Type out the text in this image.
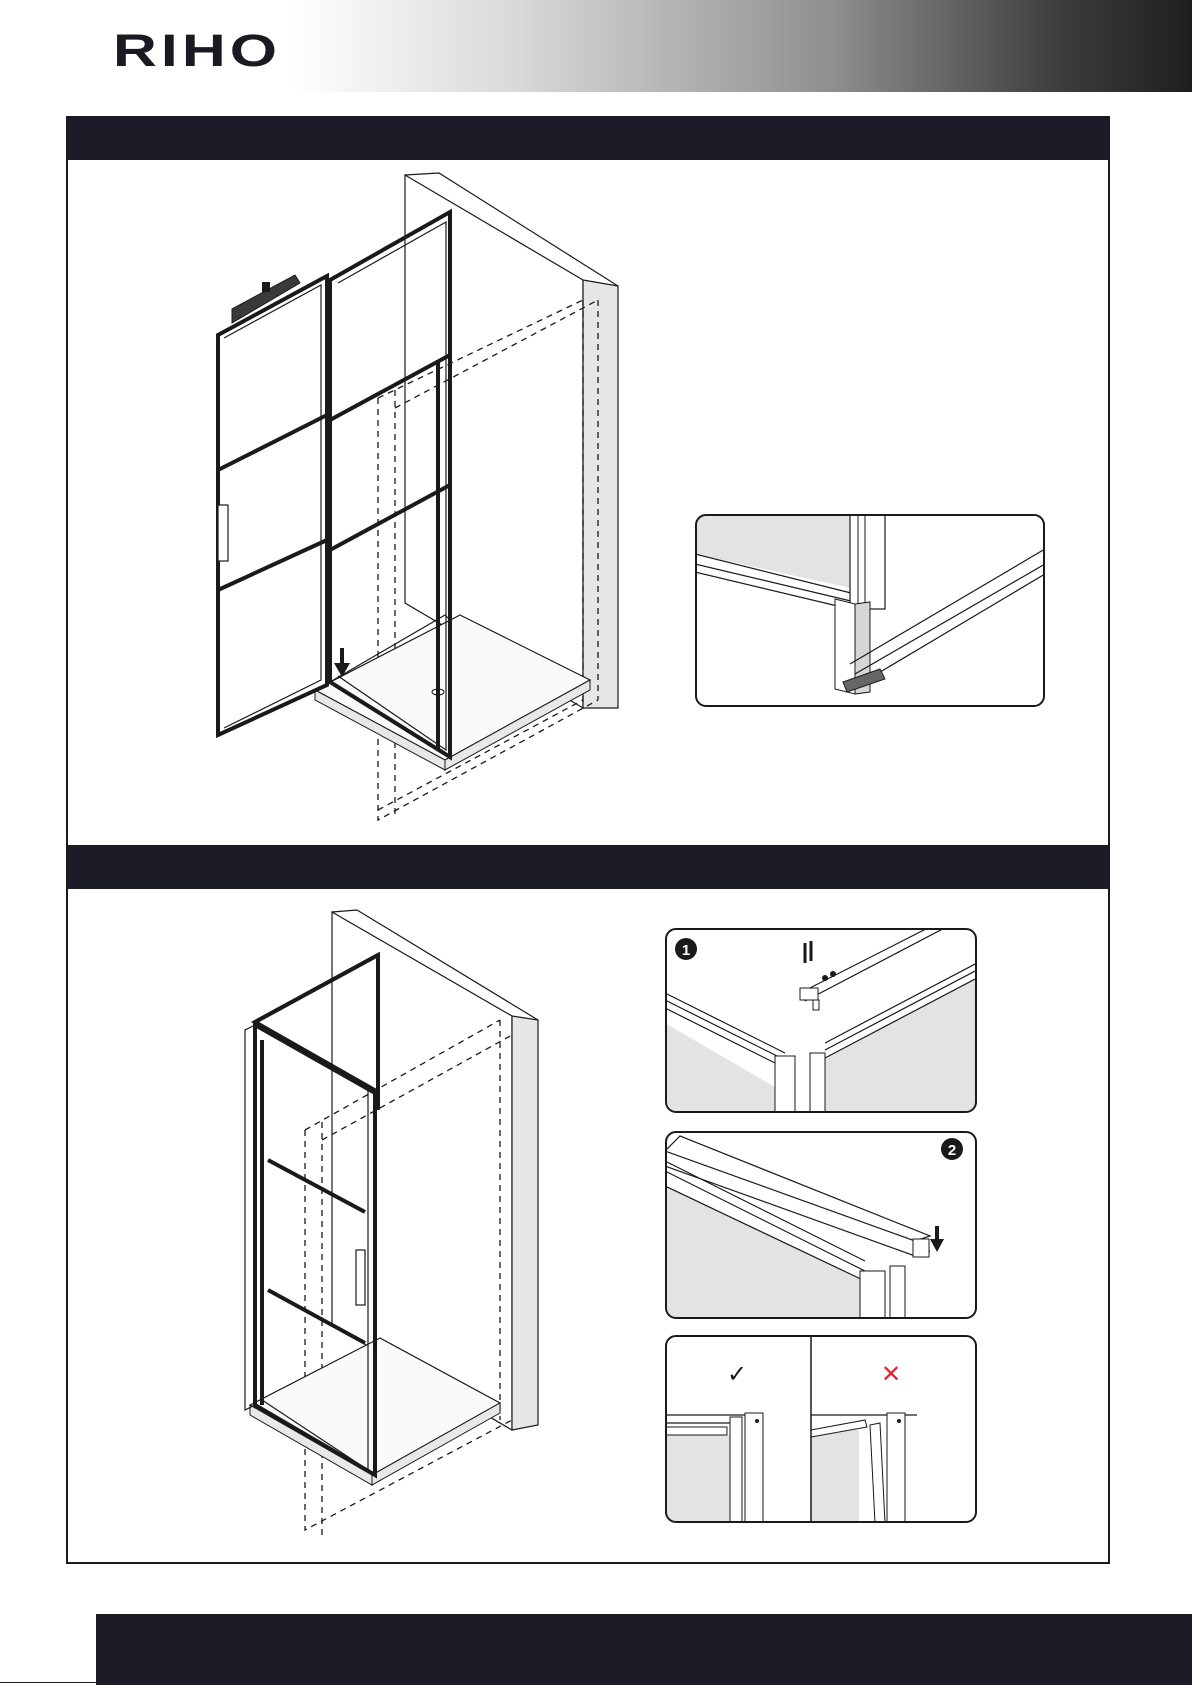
RIHO
1
2
✓	✕
